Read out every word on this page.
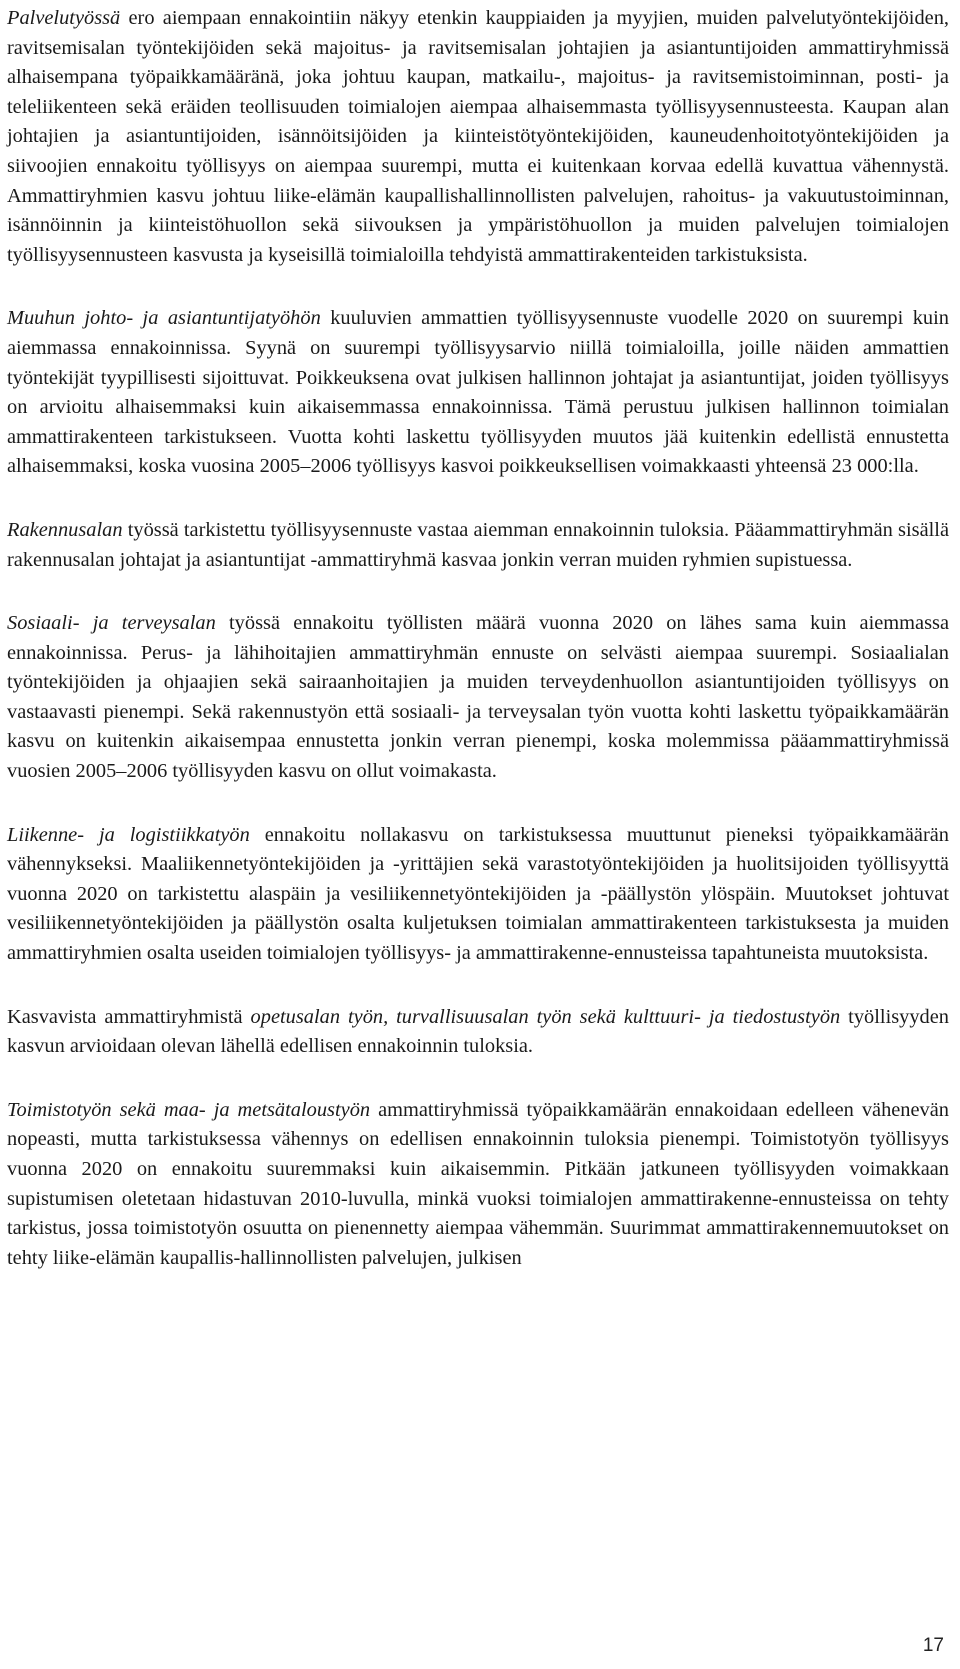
Palvelutyössä ero aiempaan ennakointiin näkyy etenkin kauppiaiden ja myyjien, muiden palvelutyöntekijöiden, ravitsemisalan työntekijöiden sekä majoitus- ja ravitsemisalan johtajien ja asiantuntijoiden ammattiryhmissä alhaisempana työpaikkamääränä, joka johtuu kaupan, matkailu-, majoitus- ja ravitsemistoiminnan, posti- ja teleliikenteen sekä eräiden teollisuuden toimialojen aiempaa alhaisemmasta työllisyysennusteesta. Kaupan alan johtajien ja asiantuntijoiden, isännöitsijöiden ja kiinteistötyöntekijöiden, kauneudenhoitotyöntekijöiden ja siivoojien ennakoitu työllisyys on aiempaa suurempi, mutta ei kuitenkaan korvaa edellä kuvattua vähennystä. Ammattiryhmien kasvu johtuu liike-elämän kaupallishallinnollisten palvelujen, rahoitus- ja vakuutustoiminnan, isännöinnin ja kiinteistöhuollon sekä siivouksen ja ympäristöhuollon ja muiden palvelujen toimialojen työllisyysennusteen kasvusta ja kyseisillä toimialoilla tehdyistä ammattirakenteiden tarkistuksista.

Muuhun johto- ja asiantuntijatyöhön kuuluvien ammattien työllisyysennuste vuodelle 2020 on suurempi kuin aiemmassa ennakoinnissa. Syynä on suurempi työllisyysarvio niillä toimialoilla, joille näiden ammattien työntekijät tyypillisesti sijoittuvat. Poikkeuksena ovat julkisen hallinnon johtajat ja asiantuntijat, joiden työllisyys on arvioitu alhaisemmaksi kuin aikaisemmassa ennakoinnissa. Tämä perustuu julkisen hallinnon toimialan ammattirakenteen tarkistukseen. Vuotta kohti laskettu työllisyyden muutos jää kuitenkin edellistä ennustetta alhaisemmaksi, koska vuosina 2005–2006 työllisyys kasvoi poikkeuksellisen voimakkaasti yhteensä 23 000:lla.

Rakennusalan työssä tarkistettu työllisyysennuste vastaa aiemman ennakoinnin tuloksia. Pääammattiryhmän sisällä rakennusalan johtajat ja asiantuntijat -ammattiryhmä kasvaa jonkin verran muiden ryhmien supistuessa.

Sosiaali- ja terveysalan työssä ennakoitu työllisten määrä vuonna 2020 on lähes sama kuin aiemmassa ennakoinnissa. Perus- ja lähihoitajien ammattiryhmän ennuste on selvästi aiempaa suurempi. Sosiaalialan työntekijöiden ja ohjaajien sekä sairaanhoitajien ja muiden terveydenhuollon asiantuntijoiden työllisyys on vastaavasti pienempi. Sekä rakennustyön että sosiaali- ja terveysalan työn vuotta kohti laskettu työpaikkamäärän kasvu on kuitenkin aikaisempaa ennustetta jonkin verran pienempi, koska molemmissa pääammattiryhmissä vuosien 2005–2006 työllisyyden kasvu on ollut voimakasta.

Liikenne- ja logistiikkatyön ennakoitu nollakasvu on tarkistuksessa muuttunut pieneksi työpaikkamäärän vähennykseksi. Maaliikennetyöntekijöiden ja -yrittäjien sekä varastotyöntekijöiden ja huolitsijoiden työllisyyttä vuonna 2020 on tarkistettu alaspäin ja vesiliikennetyöntekijöiden ja -päällystön ylöspäin. Muutokset johtuvat vesiliikennetyöntekijöiden ja päällystön osalta kuljetuksen toimialan ammattirakenteen tarkistuksesta ja muiden ammattiryhmien osalta useiden toimialojen työllisyys- ja ammattirakenne-ennusteissa tapahtuneista muutoksista.

Kasvavista ammattiryhmistä opetusalan työn, turvallisuusalan työn sekä kulttuuri- ja tiedostustyön työllisyyden kasvun arvioidaan olevan lähellä edellisen ennakoinnin tuloksia.

Toimistotyön sekä maa- ja metsätaloustyön ammattiryhmissä työpaikkamäärän ennakoidaan edelleen vähenevän nopeasti, mutta tarkistuksessa vähennys on edellisen ennakoinnin tuloksia pienempi. Toimistotyön työllisyys vuonna 2020 on ennakoitu suuremmaksi kuin aikaisemmin. Pitkään jatkuneen työllisyyden voimakkaan supistumisen oletetaan hidastuvan 2010-luvulla, minkä vuoksi toimialojen ammattirakenne-ennusteissa on tehty tarkistus, jossa toimistotyön osuutta on pienennetty aiempaa vähemmän. Suurimmat ammattirakennemuutokset on tehty liike-elämän kaupallis-hallinnollisten palvelujen, julkisen

17
